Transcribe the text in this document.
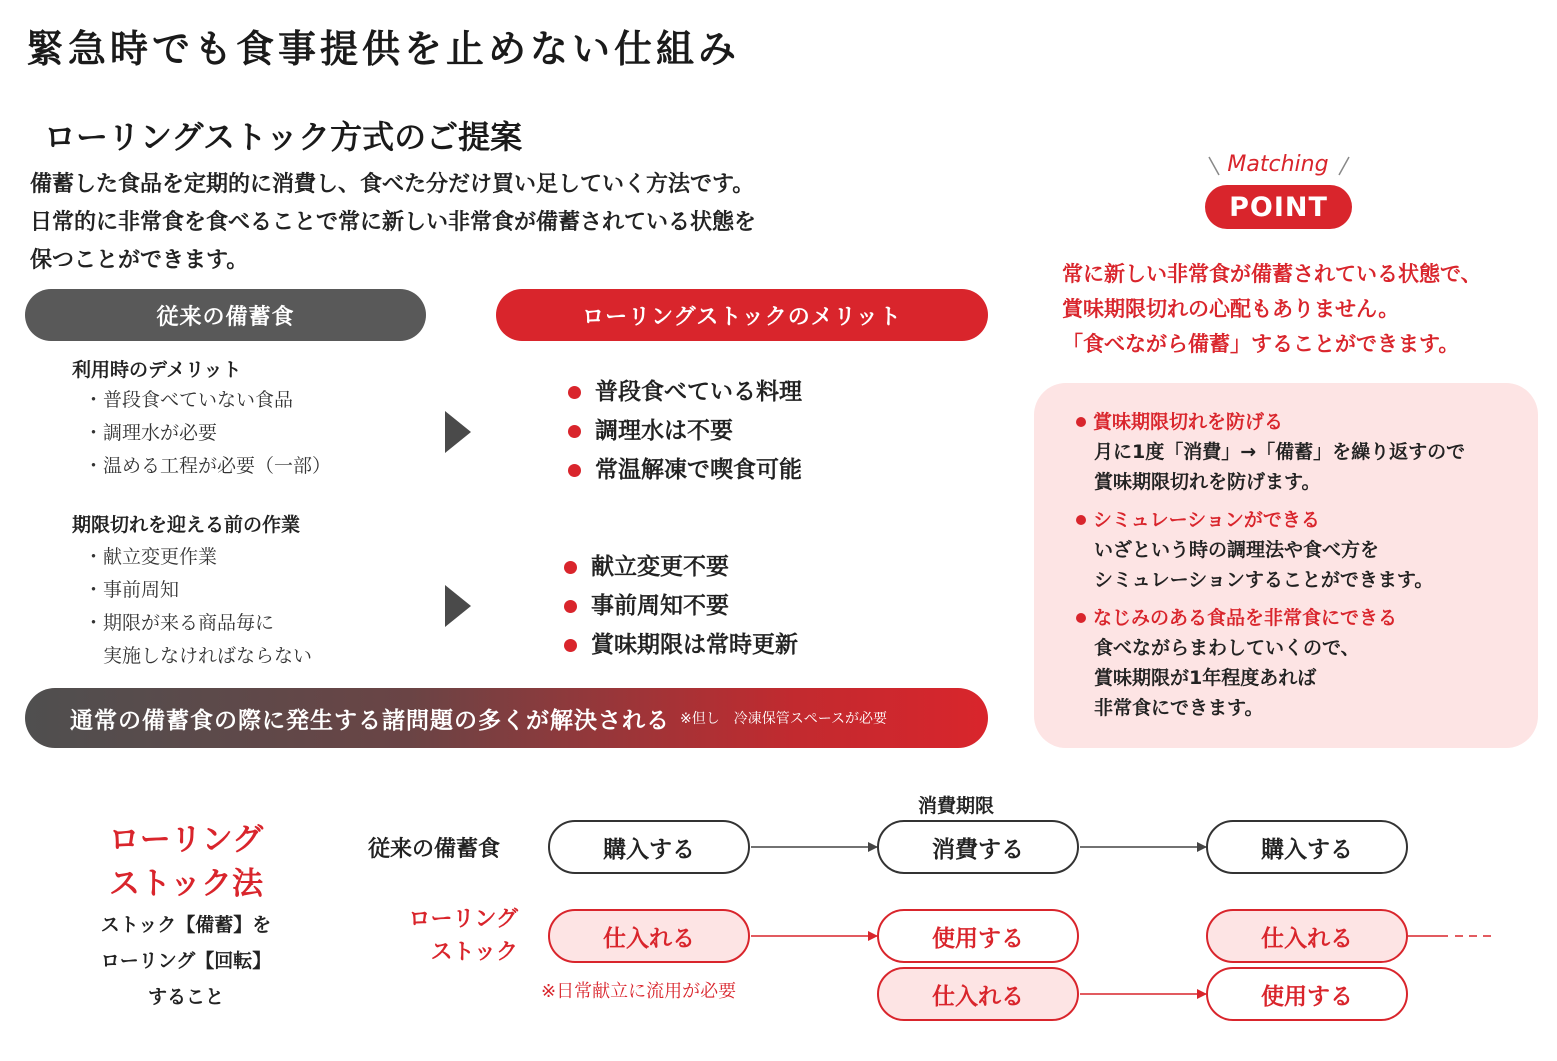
緊急時でも食事提供を止めない仕組み
ローリングストック方式のご提案
備蓄した食品を定期的に消費し、食べた分だけ買い足していく方法です。
日常的に非常食を食べることで常に新しい非常食が備蓄されている状態を
保つことができます。
従来の備蓄食	ローリングストックのメリット
利用時のデメリット
・普段食べていない食品
・調理水が必要
・温める工程が必要（一部）
期限切れを迎える前の作業
・献立変更作業
・事前周知
・期限が来る商品毎に
　実施しなければならない
普段食べている料理
調理水は不要
常温解凍で喫食可能
献立変更不要
事前周知不要
賞味期限は常時更新
通常の備蓄食の際に発生する諸問題の多くが解決される ※但し　冷凍保管スペースが必要
Matching
POINT
常に新しい非常食が備蓄されている状態で、
賞味期限切れの心配もありません。
「食べながら備蓄」することができます。
賞味期限切れを防げる
月に1度「消費」→「備蓄」を繰り返すので
賞味期限切れを防げます。
シミュレーションができる
いざという時の調理法や食べ方を
シミュレーションすることができます。
なじみのある食品を非常食にできる
食べながらまわしていくので、
賞味期限が1年程度あれば
非常食にできます。
ローリング
ストック法
ストック【備蓄】を
ローリング【回転】
すること
従来の備蓄食
消費期限
ローリング
ストック
購入する	消費する	購入する
仕入れる	使用する	仕入れる
仕入れる	使用する
※日常献立に流用が必要
